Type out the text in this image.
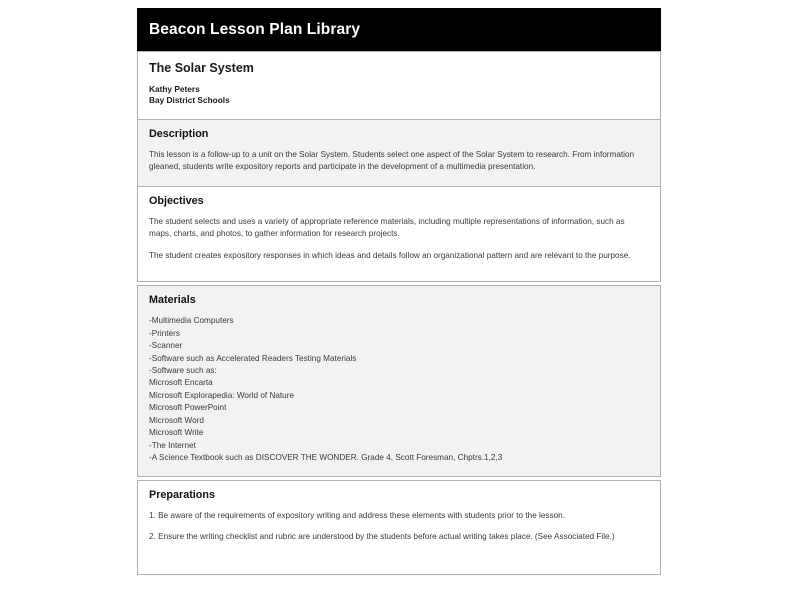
Beacon Lesson Plan Library
The Solar System
Kathy Peters
Bay District Schools
Description

This lesson is a follow-up to a unit on the Solar System. Students select one aspect of the Solar System to research. From information gleaned, students write expository reports and participate in the development of a multimedia presentation.

Objectives

The student selects and uses a variety of appropriate reference materials, including multiple representations of information, such as maps, charts, and photos, to gather information for research projects.

The student creates expository responses in which ideas and details follow an organizational pattern and are relevant to the purpose.

Materials
-Multimedia Computers
-Printers
-Scanner
-Software such as Accelerated Readers Testing Materials
-Software such as:
Microsoft Encarta
Microsoft Explorapedia: World of Nature
Microsoft PowerPoint
Microsoft Word
Microsoft Write
-The Internet
-A Science Textbook such as DISCOVER THE WONDER. Grade 4, Scott Foresman, Chptrs.1,2,3
Preparations

1. Be aware of the requirements of expository writing and address these elements with students prior to the lesson.

2. Ensure the writing checklist and rubric are understood by the students before actual writing takes place. (See Associated File.)
